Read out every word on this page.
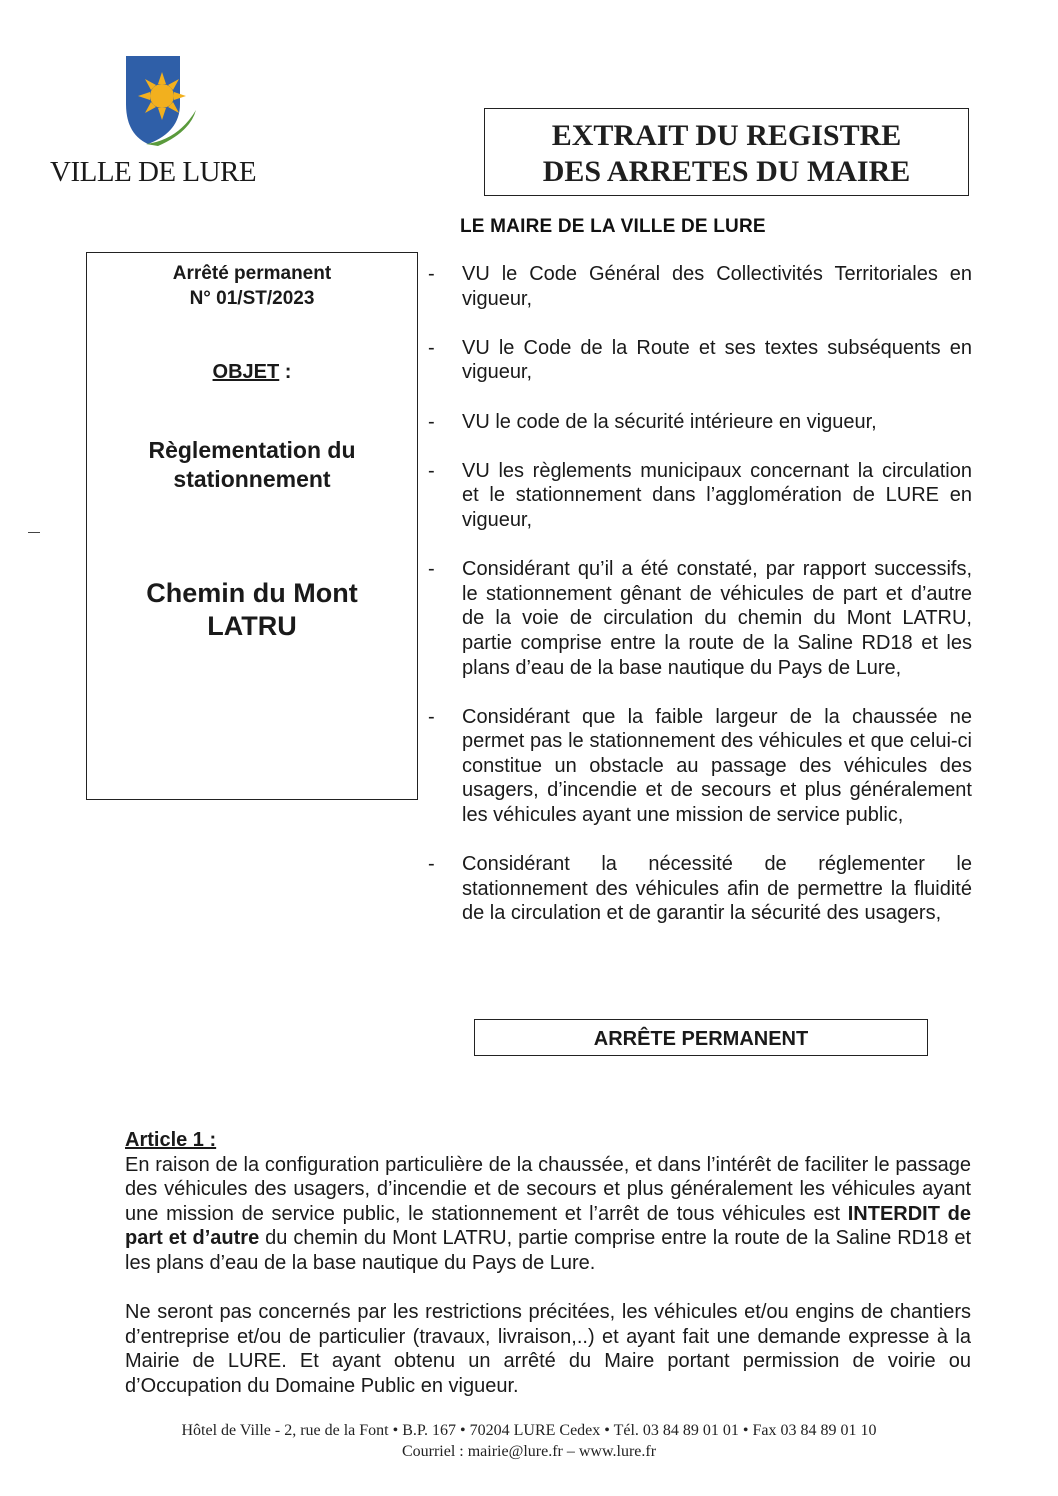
VILLE DE LURE
EXTRAIT DU REGISTRE
DES ARRETES DU MAIRE
LE MAIRE DE LA VILLE DE LURE
Arrêté permanent
N° 01/ST/2023
OBJET :
Règlementation du
stationnement
Chemin du Mont
LATRU
- VU le Code Général des Collectivités Territoriales en vigueur,
- VU le Code de la Route et ses textes subséquents en vigueur,
- VU le code de la sécurité intérieure en vigueur,
- VU les règlements municipaux concernant la circulation et le stationnement dans l’agglomération de LURE en vigueur,
- Considérant qu’il a été constaté, par rapport successifs, le stationnement gênant de véhicules de part et d’autre de la voie de circulation du chemin du Mont LATRU, partie comprise entre la route de la Saline RD18 et les plans d’eau de la base nautique du Pays de Lure,
- Considérant que la faible largeur de la chaussée ne permet pas le stationnement des véhicules et que celui-ci constitue un obstacle au passage des véhicules des usagers, d’incendie et de secours et plus généralement les véhicules ayant une mission de service public,
- Considérant la nécessité de réglementer le stationnement des véhicules afin de permettre la fluidité de la circulation et de garantir la sécurité des usagers,
ARRÊTE PERMANENT
Article 1 :

En raison de la configuration particulière de la chaussée, et dans l’intérêt de faciliter le passage des véhicules des usagers, d’incendie et de secours et plus généralement les véhicules ayant une mission de service public, le stationnement et l’arrêt de tous véhicules est INTERDIT de part et d’autre du chemin du Mont LATRU, partie comprise entre la route de la Saline RD18 et les plans d’eau de la base nautique du Pays de Lure.

Ne seront pas concernés par les restrictions précitées, les véhicules et/ou engins de chantiers d’entreprise et/ou de particulier (travaux, livraison,..) et ayant fait une demande expresse à la Mairie de LURE. Et ayant obtenu un arrêté du Maire portant permission de voirie ou d’Occupation du Domaine Public en vigueur.

Hôtel de Ville - 2, rue de la Font • B.P. 167 • 70204 LURE Cedex • Tél. 03 84 89 01 01 • Fax 03 84 89 01 10
Courriel : mairie@lure.fr – www.lure.fr
